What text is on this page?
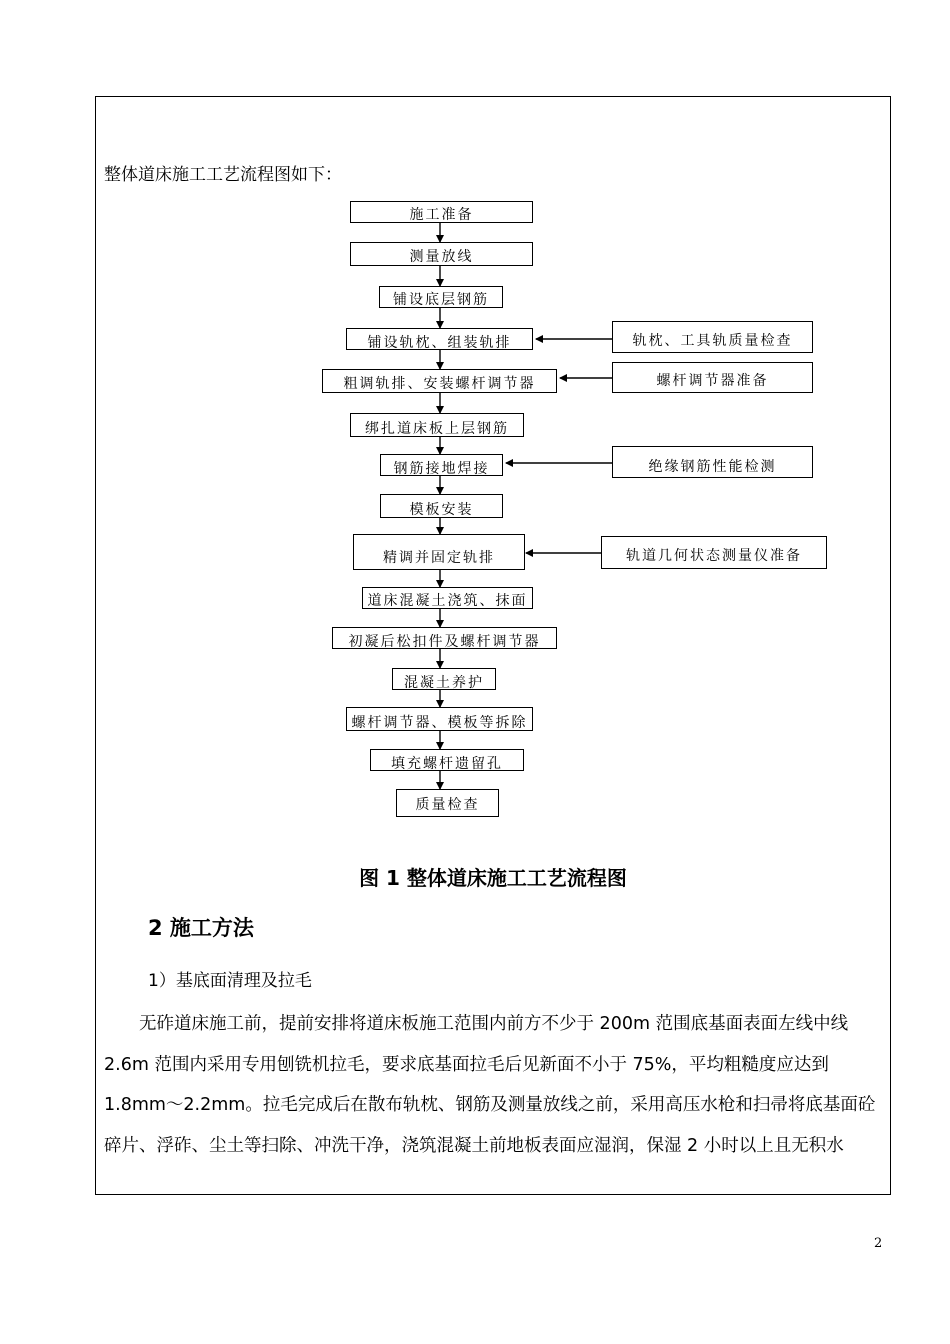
整体道床施工工艺流程图如下：
施工准备
测量放线
铺设底层钢筋
铺设轨枕、组装轨排
粗调轨排、安装螺杆调节器
绑扎道床板上层钢筋
钢筋接地焊接
模板安装
精调并固定轨排
道床混凝土浇筑、抹面
初凝后松扣件及螺杆调节器
混凝土养护
螺杆调节器、模板等拆除
填充螺杆遗留孔
质量检查
轨枕、工具轨质量检查
螺杆调节器准备
绝缘钢筋性能检测
轨道几何状态测量仪准备
图 1 整体道床施工工艺流程图
2 施工方法
1）基底面清理及拉毛

　　无砟道床施工前，提前安排将道床板施工范围内前方不少于 200m 范围底基面表面左线中线 2.6m 范围内采用专用刨铣机拉毛，要求底基面拉毛后见新面不小于 75%，平均粗糙度应达到 1.8mm～2.2mm。拉毛完成后在散布轨枕、钢筋及测量放线之前，采用高压水枪和扫帚将底基面砼碎片、浮砟、尘土等扫除、冲洗干净，浇筑混凝土前地板表面应湿润，保湿 2 小时以上且无积水

2
